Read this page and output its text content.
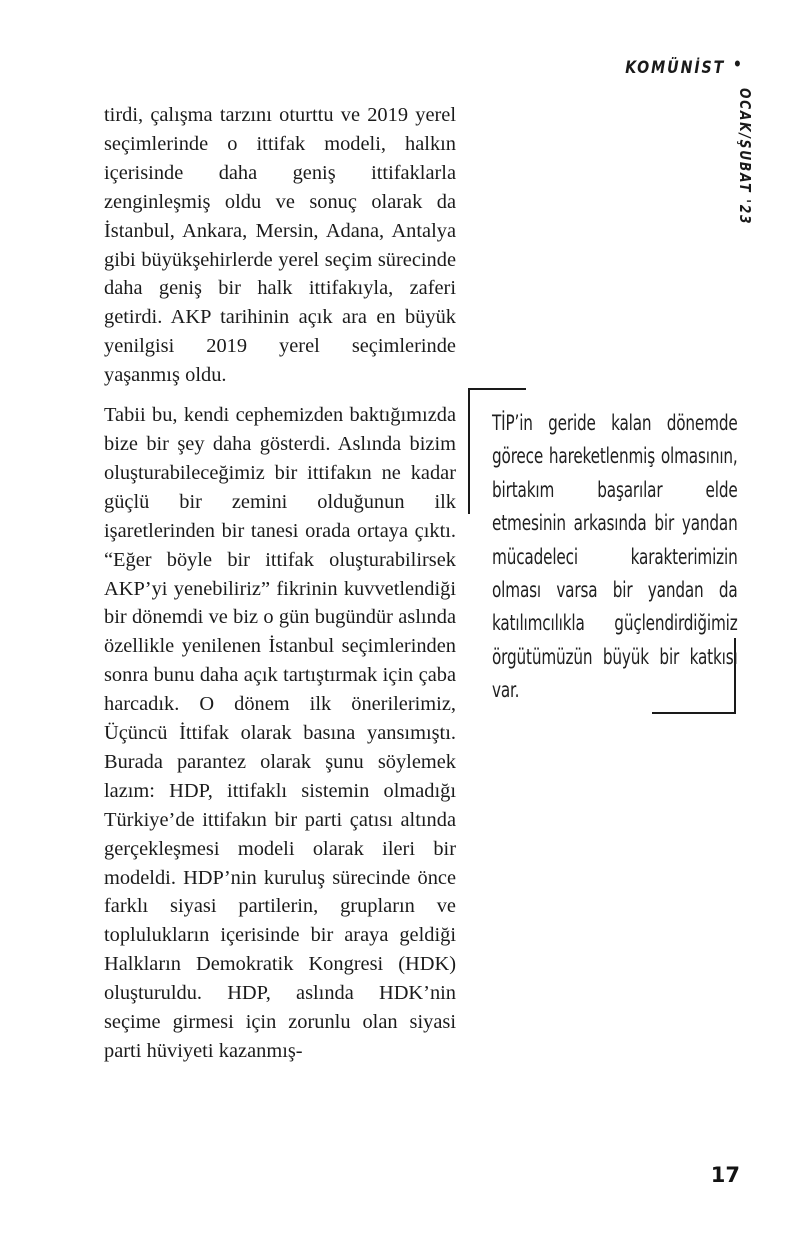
KOMÜNİST •
OCAK/ŞUBAT '23

tirdi, çalışma tarzını oturttu ve 2019 yerel seçimlerinde o ittifak modeli, halkın içerisinde daha geniş ittifaklarla zenginleşmiş oldu ve sonuç olarak da İstanbul, Ankara, Mersin, Adana, Antalya gibi büyükşehirlerde yerel seçim sürecinde daha geniş bir halk ittifakıyla, zaferi getirdi. AKP tarihinin açık ara en büyük yenilgisi 2019 yerel seçimlerinde yaşanmış oldu.

Tabii bu, kendi cephemizden baktığımızda bize bir şey daha gösterdi. Aslında bizim oluşturabileceğimiz bir ittifakın ne kadar güçlü bir zemini olduğunun ilk işaretlerinden bir tanesi orada ortaya çıktı. “Eğer böyle bir ittifak oluşturabilirsek AKP’yi yenebiliriz” fikrinin kuvvetlendiği bir dönemdi ve biz o gün bugündür aslında özellikle yenilenen İstanbul seçimlerinden sonra bunu daha açık tartıştırmak için çaba harcadık. O dönem ilk önerilerimiz, Üçüncü İttifak olarak basına yansımıştı. Burada parantez olarak şunu söylemek lazım: HDP, ittifaklı sistemin olmadığı Türkiye’de ittifakın bir parti çatısı altında gerçekleşmesi modeli olarak ileri bir modeldi. HDP’nin kuruluş sürecinde önce farklı siyasi partilerin, grupların ve toplulukların içerisinde bir araya geldiği Halkların Demokratik Kongresi (HDK) oluşturuldu. HDP, aslında HDK’nin seçime girmesi için zorunlu olan siyasi parti hüviyeti kazanmış-

TİP’in geride kalan dönemde görece hareketlenmiş olmasının, birtakım başarılar elde etmesinin arkasında bir yandan mücadeleci karakterimizin olması varsa bir yandan da katılımcılıkla güçlendirdiğimiz örgütümüzün büyük bir katkısı var.
17
